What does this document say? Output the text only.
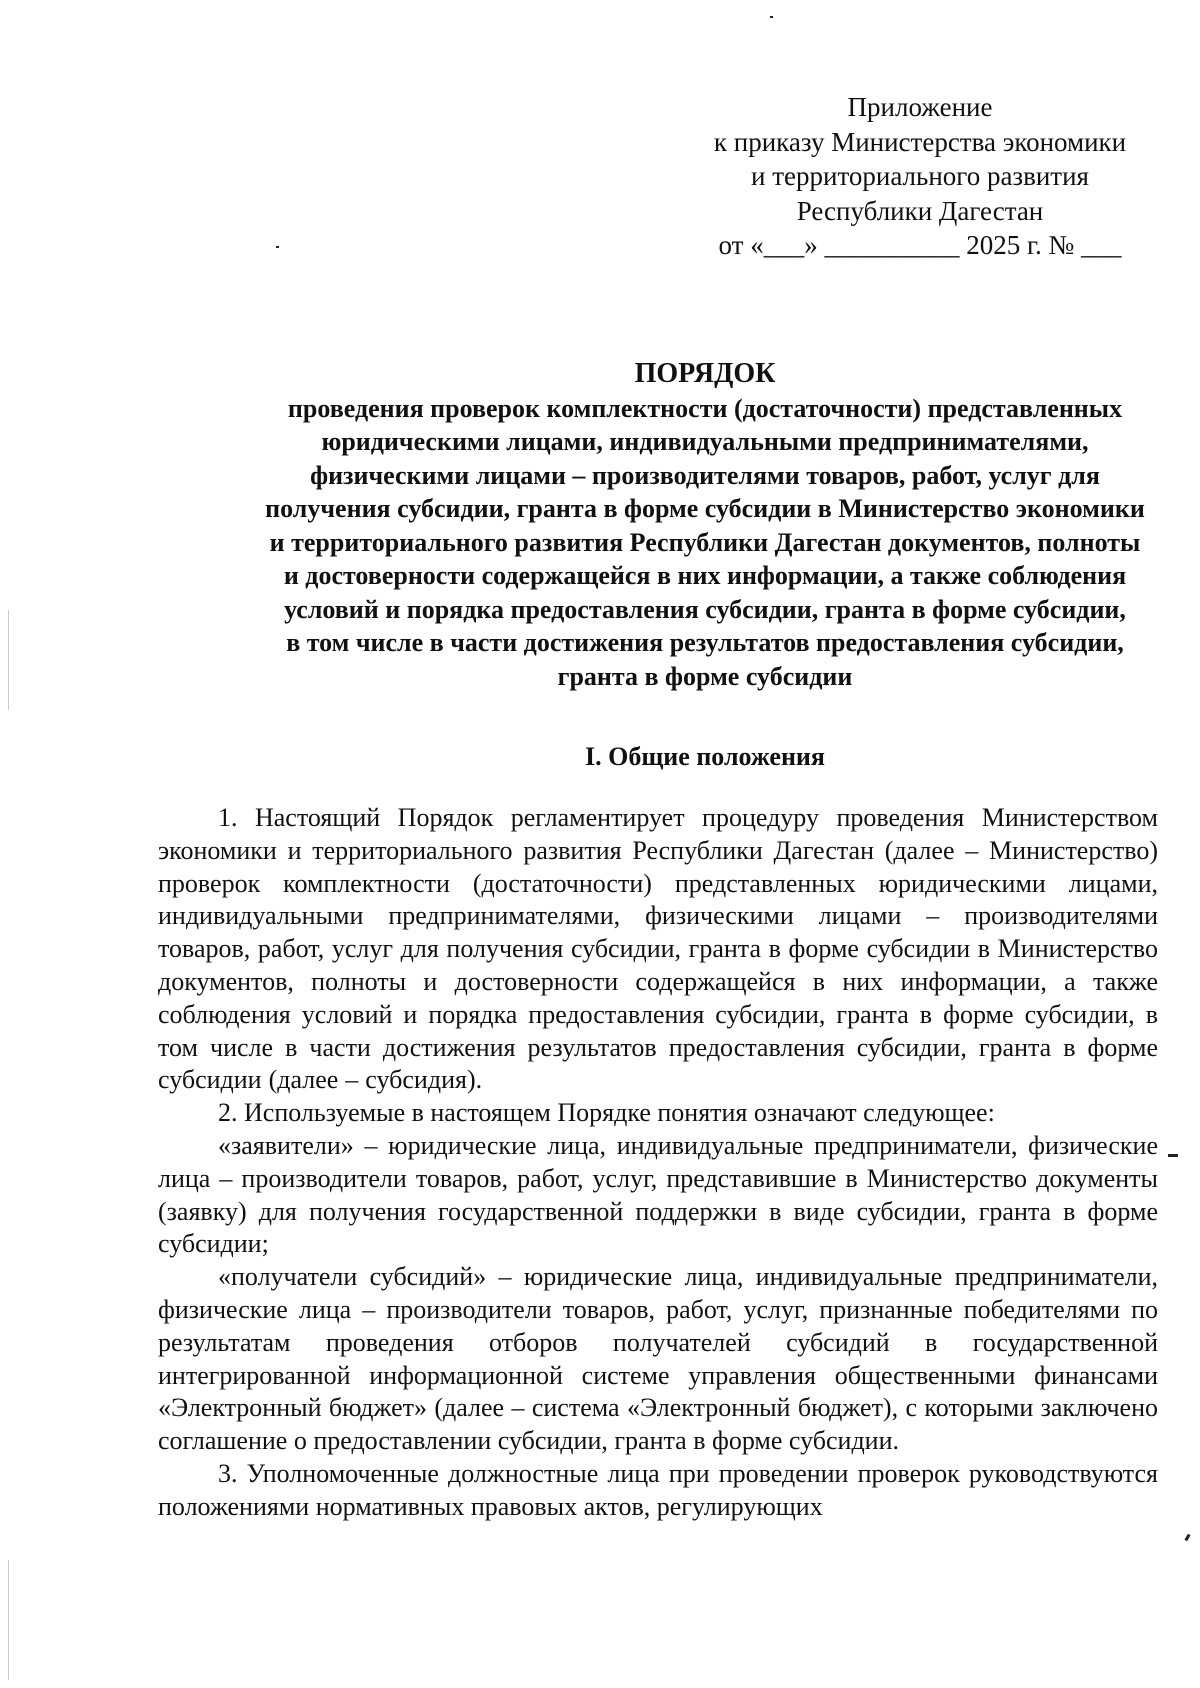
Приложение
к приказу Министерства экономики
и территориального развития
Республики Дагестан
от «___» __________ 2025 г. № ___
ПОРЯДОК
проведения проверок комплектности (достаточности) представленных
юридическими лицами, индивидуальными предпринимателями,
физическими лицами – производителями товаров, работ, услуг для
получения субсидии, гранта в форме субсидии в Министерство экономики
и территориального развития Республики Дагестан документов, полноты
и достоверности содержащейся в них информации, а также соблюдения
условий и порядка предоставления субсидии, гранта в форме субсидии,
в том числе в части достижения результатов предоставления субсидии,
гранта в форме субсидии
I. Общие положения

1. Настоящий Порядок регламентирует процедуру проведения Министерством экономики и территориального развития Республики Дагестан (далее – Министерство) проверок комплектности (достаточности) представленных юридическими лицами, индивидуальными предпринимателями, физическими лицами – производителями товаров, работ, услуг для получения субсидии, гранта в форме субсидии в Министерство документов, полноты и достоверности содержащейся в них информации, а также соблюдения условий и порядка предоставления субсидии, гранта в форме субсидии, в том числе в части достижения результатов предоставления субсидии, гранта в форме субсидии (далее – субсидия).

2. Используемые в настоящем Порядке понятия означают следующее:

«заявители» – юридические лица, индивидуальные предприниматели, физические лица – производители товаров, работ, услуг, представившие в Министерство документы (заявку) для получения государственной поддержки в виде субсидии, гранта в форме субсидии;

«получатели субсидий» – юридические лица, индивидуальные предприниматели, физические лица – производители товаров, работ, услуг, признанные победителями по результатам проведения отборов получателей субсидий в государственной интегрированной информационной системе управления общественными финансами «Электронный бюджет» (далее – система «Электронный бюджет), с которыми заключено соглашение о предоставлении субсидии, гранта в форме субсидии.

3. Уполномоченные должностные лица при проведении проверок руководствуются положениями нормативных правовых актов, регулирующих
